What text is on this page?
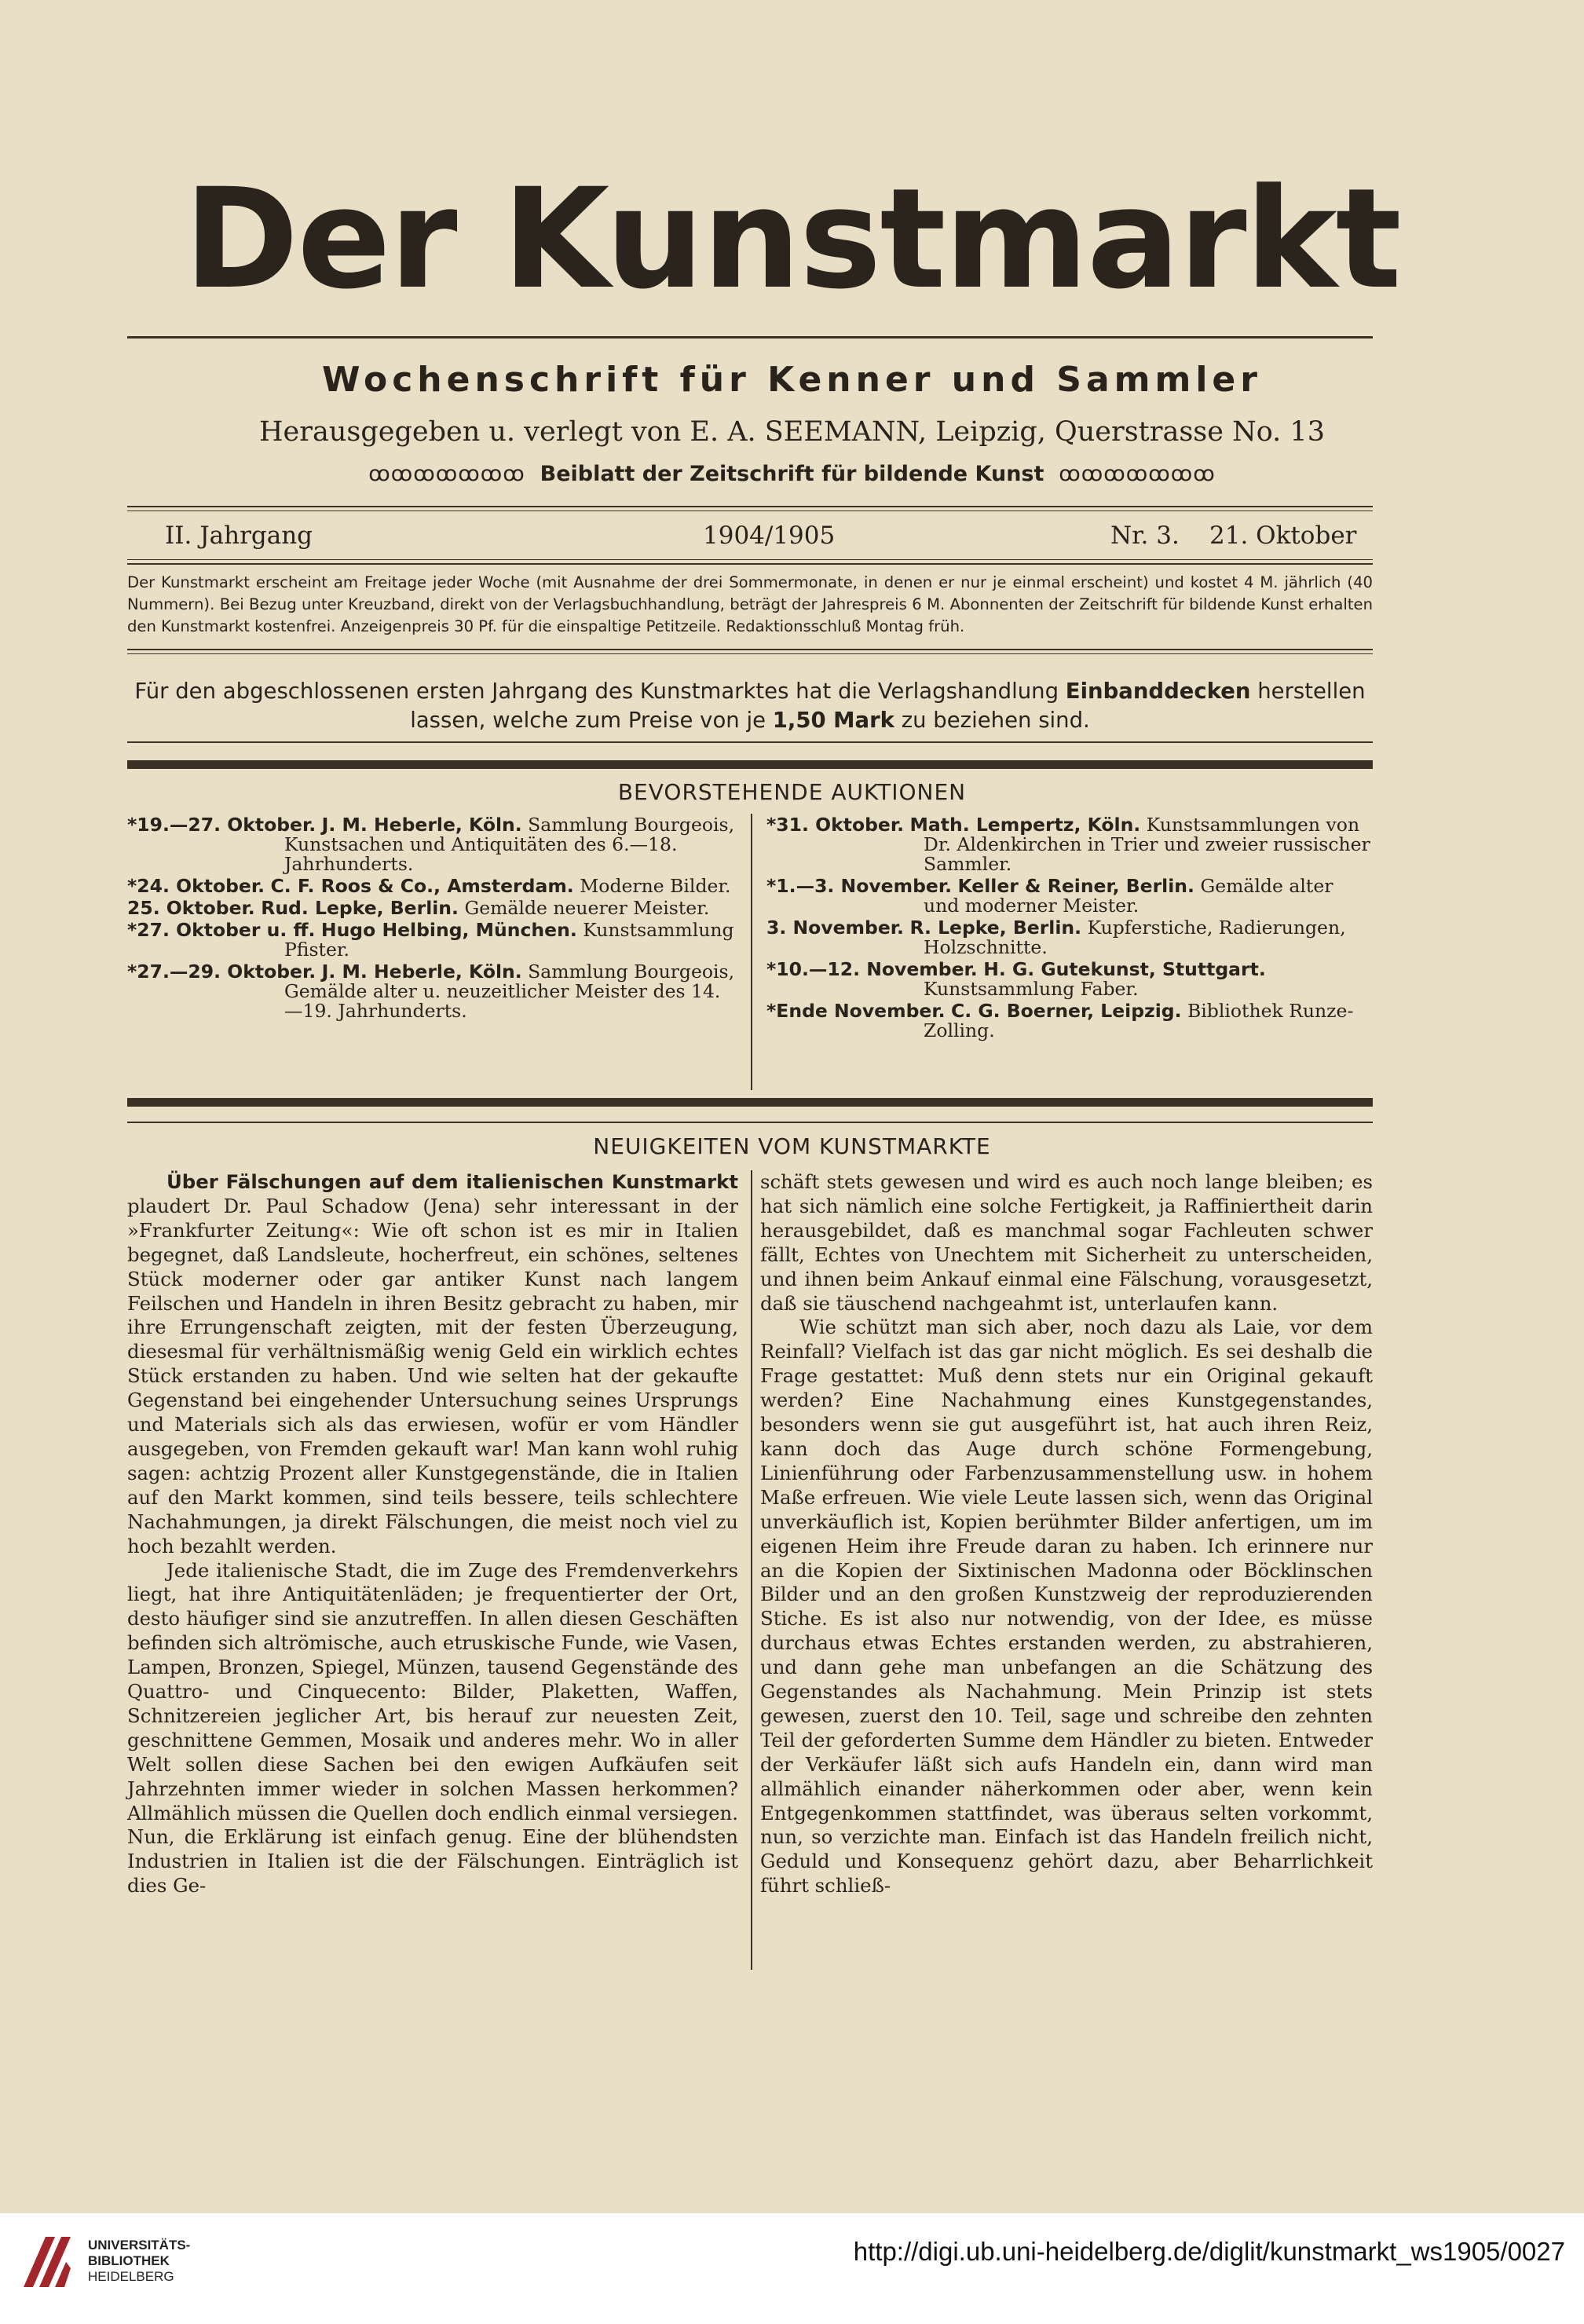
Der Kunstmarkt
Wochenschrift für Kenner und Sammler
Herausgegeben u. verlegt von E. A. SEEMANN, Leipzig, Querstrasse No. 13
ꝏꝏꝏꝏꝏꝏꝏ Beiblatt der Zeitschrift für bildende Kunst ꝏꝏꝏꝏꝏꝏꝏ
II. Jahrgang	1904/1905	Nr. 3. 21. Oktober
Der Kunstmarkt erscheint am Freitage jeder Woche (mit Ausnahme der drei Sommermonate, in denen er nur je einmal erscheint) und kostet 4 M. jährlich (40 Nummern). Bei Bezug unter Kreuzband, direkt von der Verlagsbuchhandlung, beträgt der Jahrespreis 6 M. Abonnenten der Zeitschrift für bildende Kunst erhalten den Kunstmarkt kostenfrei. Anzeigenpreis 30 Pf. für die einspaltige Petitzeile. Redaktionsschluß Montag früh.
Für den abgeschlossenen ersten Jahrgang des Kunstmarktes hat die Verlagshandlung Einbanddecken herstellen lassen, welche zum Preise von je 1,50 Mark zu beziehen sind.
BEVORSTEHENDE AUKTIONEN
*19.—27. Oktober. J. M. Heberle, Köln. Sammlung Bourgeois, Kunstsachen und Antiquitäten des 6.—18. Jahrhunderts.
*24. Oktober. C. F. Roos & Co., Amsterdam. Moderne Bilder.
25. Oktober. Rud. Lepke, Berlin. Gemälde neuerer Meister.
*27. Oktober u. ff. Hugo Helbing, München. Kunstsammlung Pfister.
*27.—29. Oktober. J. M. Heberle, Köln. Sammlung Bourgeois, Gemälde alter u. neuzeitlicher Meister des 14.—19. Jahrhunderts.
*31. Oktober. Math. Lempertz, Köln. Kunstsammlungen von Dr. Aldenkirchen in Trier und zweier russischer Sammler.
*1.—3. November. Keller & Reiner, Berlin. Gemälde alter und moderner Meister.
3. November. R. Lepke, Berlin. Kupferstiche, Radierungen, Holzschnitte.
*10.—12. November. H. G. Gutekunst, Stuttgart. Kunstsammlung Faber.
*Ende November. C. G. Boerner, Leipzig. Bibliothek Runze-Zolling.
NEUIGKEITEN VOM KUNSTMARKTE

Über Fälschungen auf dem italienischen Kunstmarkt plaudert Dr. Paul Schadow (Jena) sehr interessant in der »Frankfurter Zeitung«: Wie oft schon ist es mir in Italien begegnet, daß Landsleute, hocherfreut, ein schönes, seltenes Stück moderner oder gar antiker Kunst nach langem Feilschen und Handeln in ihren Besitz gebracht zu haben, mir ihre Errungenschaft zeigten, mit der festen Überzeugung, diesesmal für verhältnismäßig wenig Geld ein wirklich echtes Stück erstanden zu haben. Und wie selten hat der gekaufte Gegenstand bei eingehender Untersuchung seines Ursprungs und Materials sich als das erwiesen, wofür er vom Händler ausgegeben, von Fremden gekauft war! Man kann wohl ruhig sagen: achtzig Prozent aller Kunstgegenstände, die in Italien auf den Markt kommen, sind teils bessere, teils schlechtere Nachahmungen, ja direkt Fälschungen, die meist noch viel zu hoch bezahlt werden.

Jede italienische Stadt, die im Zuge des Fremdenverkehrs liegt, hat ihre Antiquitätenläden; je frequentierter der Ort, desto häufiger sind sie anzutreffen. In allen diesen Geschäften befinden sich altrömische, auch etruskische Funde, wie Vasen, Lampen, Bronzen, Spiegel, Münzen, tausend Gegenstände des Quattro- und Cinquecento: Bilder, Plaketten, Waffen, Schnitzereien jeglicher Art, bis herauf zur neuesten Zeit, geschnittene Gemmen, Mosaik und anderes mehr. Wo in aller Welt sollen diese Sachen bei den ewigen Aufkäufen seit Jahrzehnten immer wieder in solchen Massen herkommen? Allmählich müssen die Quellen doch endlich einmal versiegen. Nun, die Erklärung ist einfach genug. Eine der blühendsten Industrien in Italien ist die der Fälschungen. Einträglich ist dies Ge-

schäft stets gewesen und wird es auch noch lange bleiben; es hat sich nämlich eine solche Fertigkeit, ja Raffiniertheit darin herausgebildet, daß es manchmal sogar Fachleuten schwer fällt, Echtes von Unechtem mit Sicherheit zu unterscheiden, und ihnen beim Ankauf einmal eine Fälschung, vorausgesetzt, daß sie täuschend nachgeahmt ist, unterlaufen kann.

Wie schützt man sich aber, noch dazu als Laie, vor dem Reinfall? Vielfach ist das gar nicht möglich. Es sei deshalb die Frage gestattet: Muß denn stets nur ein Original gekauft werden? Eine Nachahmung eines Kunstgegenstandes, besonders wenn sie gut ausgeführt ist, hat auch ihren Reiz, kann doch das Auge durch schöne Formengebung, Linienführung oder Farbenzusammenstellung usw. in hohem Maße erfreuen. Wie viele Leute lassen sich, wenn das Original unverkäuflich ist, Kopien berühmter Bilder anfertigen, um im eigenen Heim ihre Freude daran zu haben. Ich erinnere nur an die Kopien der Sixtinischen Madonna oder Böcklinschen Bilder und an den großen Kunstzweig der reproduzierenden Stiche. Es ist also nur notwendig, von der Idee, es müsse durchaus etwas Echtes erstanden werden, zu abstrahieren, und dann gehe man unbefangen an die Schätzung des Gegenstandes als Nachahmung. Mein Prinzip ist stets gewesen, zuerst den 10. Teil, sage und schreibe den zehnten Teil der geforderten Summe dem Händler zu bieten. Entweder der Verkäufer läßt sich aufs Handeln ein, dann wird man allmählich einander näherkommen oder aber, wenn kein Entgegenkommen stattfindet, was überaus selten vorkommt, nun, so verzichte man. Einfach ist das Handeln freilich nicht, Geduld und Konsequenz gehört dazu, aber Beharrlichkeit führt schließ-

UNIVERSITÄTS-
BIBLIOTHEK
HEIDELBERG
http://digi.ub.uni-heidelberg.de/diglit/kunstmarkt_ws1905/0027
